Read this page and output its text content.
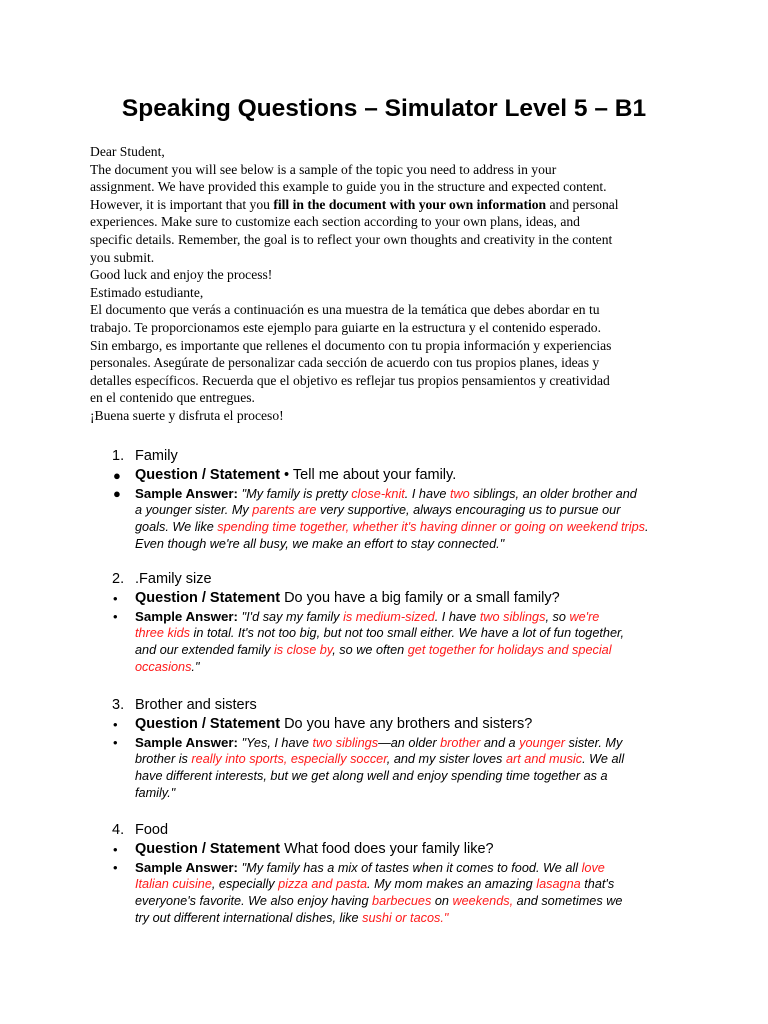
Speaking Questions – Simulator Level 5 – B1
Dear Student,
The document you will see below is a sample of the topic you need to address in your
assignment. We have provided this example to guide you in the structure and expected content.
However, it is important that you fill in the document with your own information and personal
experiences. Make sure to customize each section according to your own plans, ideas, and
specific details. Remember, the goal is to reflect your own thoughts and creativity in the content
you submit.
Good luck and enjoy the process!
Estimado estudiante,
El documento que verás a continuación es una muestra de la temática que debes abordar en tu
trabajo. Te proporcionamos este ejemplo para guiarte en la estructura y el contenido esperado.
Sin embargo, es importante que rellenes el documento con tu propia información y experiencias
personales. Asegúrate de personalizar cada sección de acuerdo con tus propios planes, ideas y
detalles específicos. Recuerda que el objetivo es reflejar tus propios pensamientos y creatividad
en el contenido que entregues.
¡Buena suerte y disfruta el proceso!
1. Family
● Question / Statement • Tell me about your family.
● Sample Answer: "My family is pretty close-knit. I have two siblings, an older brother and
a younger sister. My parents are very supportive, always encouraging us to pursue our
goals. We like spending time together, whether it's having dinner or going on weekend trips.
Even though we're all busy, we make an effort to stay connected."
2. .Family size
• Question / Statement Do you have a big family or a small family?
• Sample Answer: "I'd say my family is medium-sized. I have two siblings, so we're
three kids in total. It's not too big, but not too small either. We have a lot of fun together,
and our extended family is close by, so we often get together for holidays and special
occasions."
3. Brother and sisters
• Question / Statement Do you have any brothers and sisters?
• Sample Answer: "Yes, I have two siblings—an older brother and a younger sister. My
brother is really into sports, especially soccer, and my sister loves art and music. We all
have different interests, but we get along well and enjoy spending time together as a
family."
4. Food
• Question / Statement What food does your family like?
• Sample Answer: "My family has a mix of tastes when it comes to food. We all love
Italian cuisine, especially pizza and pasta. My mom makes an amazing lasagna that's
everyone's favorite. We also enjoy having barbecues on weekends, and sometimes we
try out different international dishes, like sushi or tacos."
